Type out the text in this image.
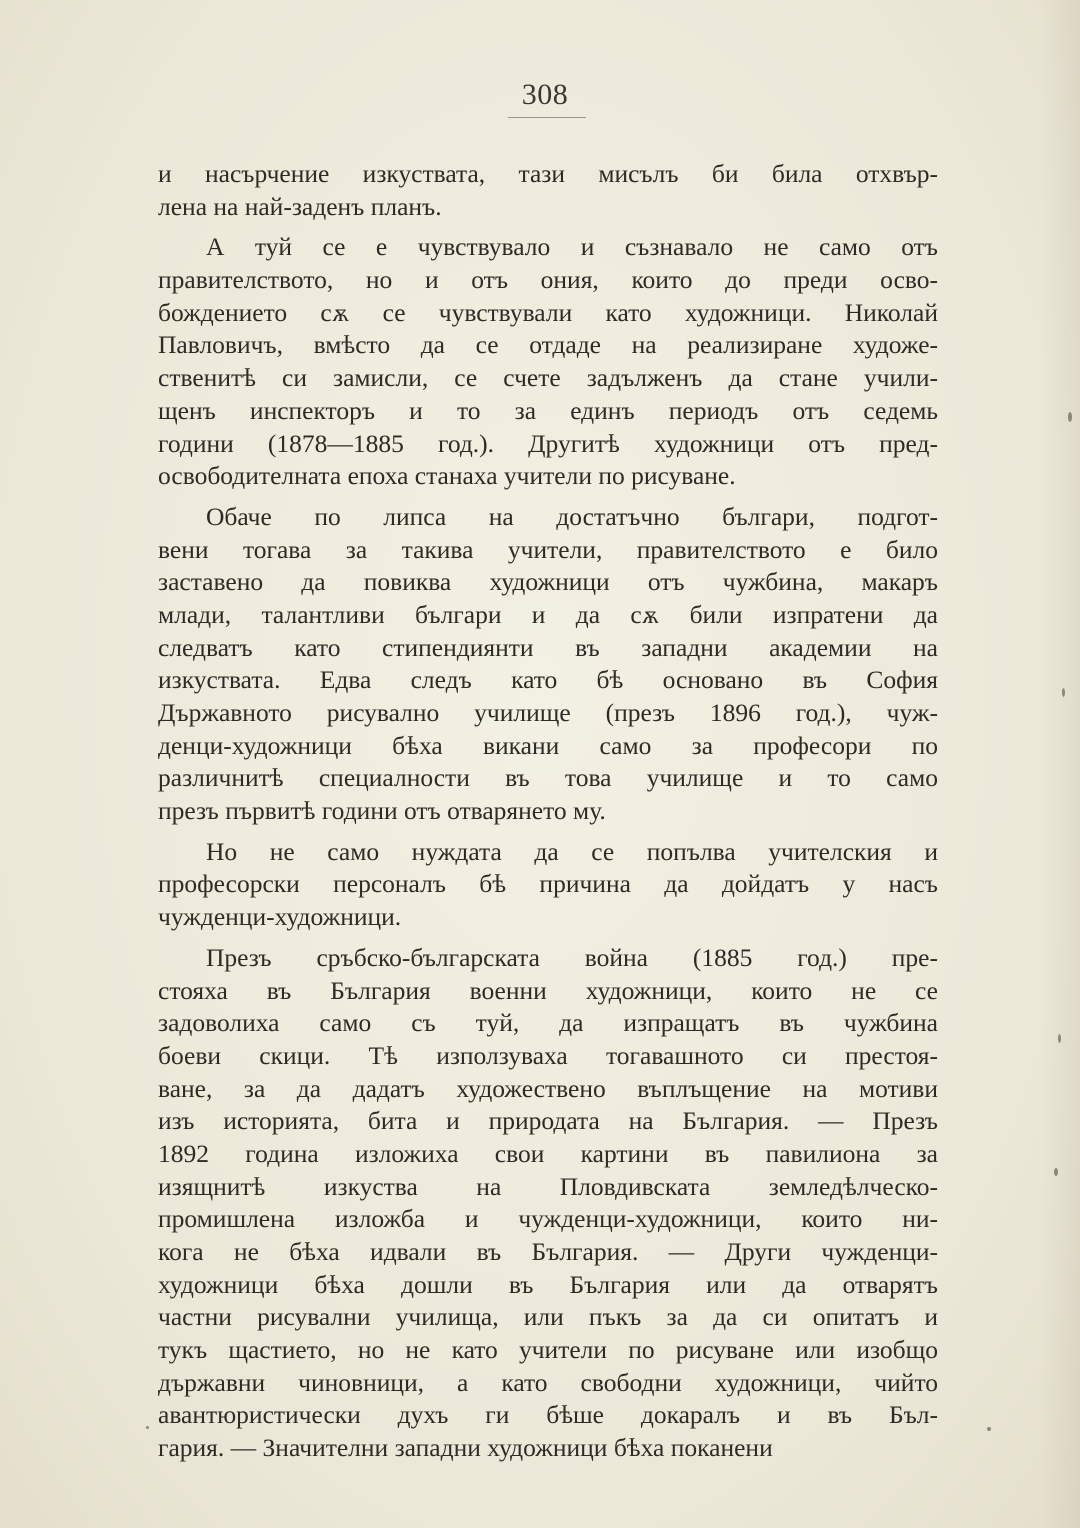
308
и насърчение изкуствата, тази мисълъ би била отхвър-
лена на най-заденъ планъ.
А туй се е чувствувало и съзнавало не само отъ
правителството, но и отъ ония, които до преди осво-
бождението сѫ се чувствували като художници. Николай
Павловичъ, вмѣсто да се отдаде на реализиране художе-
ственитѣ си замисли, се счете задълженъ да стане учили-
щенъ инспекторъ и то за единъ периодъ отъ седемь
години (1878—1885 год.). Другитѣ художници отъ пред-
освободителната епоха станаха учители по рисуване.
Обаче по липса на достатъчно българи, подгот-
вени тогава за такива учители, правителството е било
заставено да повиква художници отъ чужбина, макаръ
млади, талантливи българи и да сѫ били изпратени да
следватъ като стипендиянти въ западни академии на
изкуствата. Едва следъ като бѣ основано въ София
Държавното рисувално училище (презъ 1896 год.), чуж-
денци-художници бѣха викани само за професори по
различнитѣ специалности въ това училище и то само
презъ първитѣ години отъ отварянето му.
Но не само нуждата да се попълва учителския и
професорски персоналъ бѣ причина да дойдатъ у насъ
чужденци-художници.
Презъ сръбско-българската война (1885 год.) пре-
стояха въ България военни художници, които не се
задоволиха само съ туй, да изпращатъ въ чужбина
боеви скици. Тѣ използуваха тогавашното си престоя-
ване, за да дадатъ художествено въплъщение на мотиви
изъ историята, бита и природата на България. — Презъ
1892 година изложиха свои картини въ павилиона за
изящнитѣ изкуства на Пловдивската земледѣлческо-
промишлена изложба и чужденци-художници, които ни-
кога не бѣха идвали въ България. — Други чужденци-
художници бѣха дошли въ България или да отварятъ
частни рисувални училища, или пъкъ за да си опитатъ и
тукъ щастието, но не като учители по рисуване или изобщо
държавни чиновници, а като свободни художници, чийто
авантюристически духъ ги бѣше докаралъ и въ Бъл-
гария. — Значителни западни художници бѣха поканени
